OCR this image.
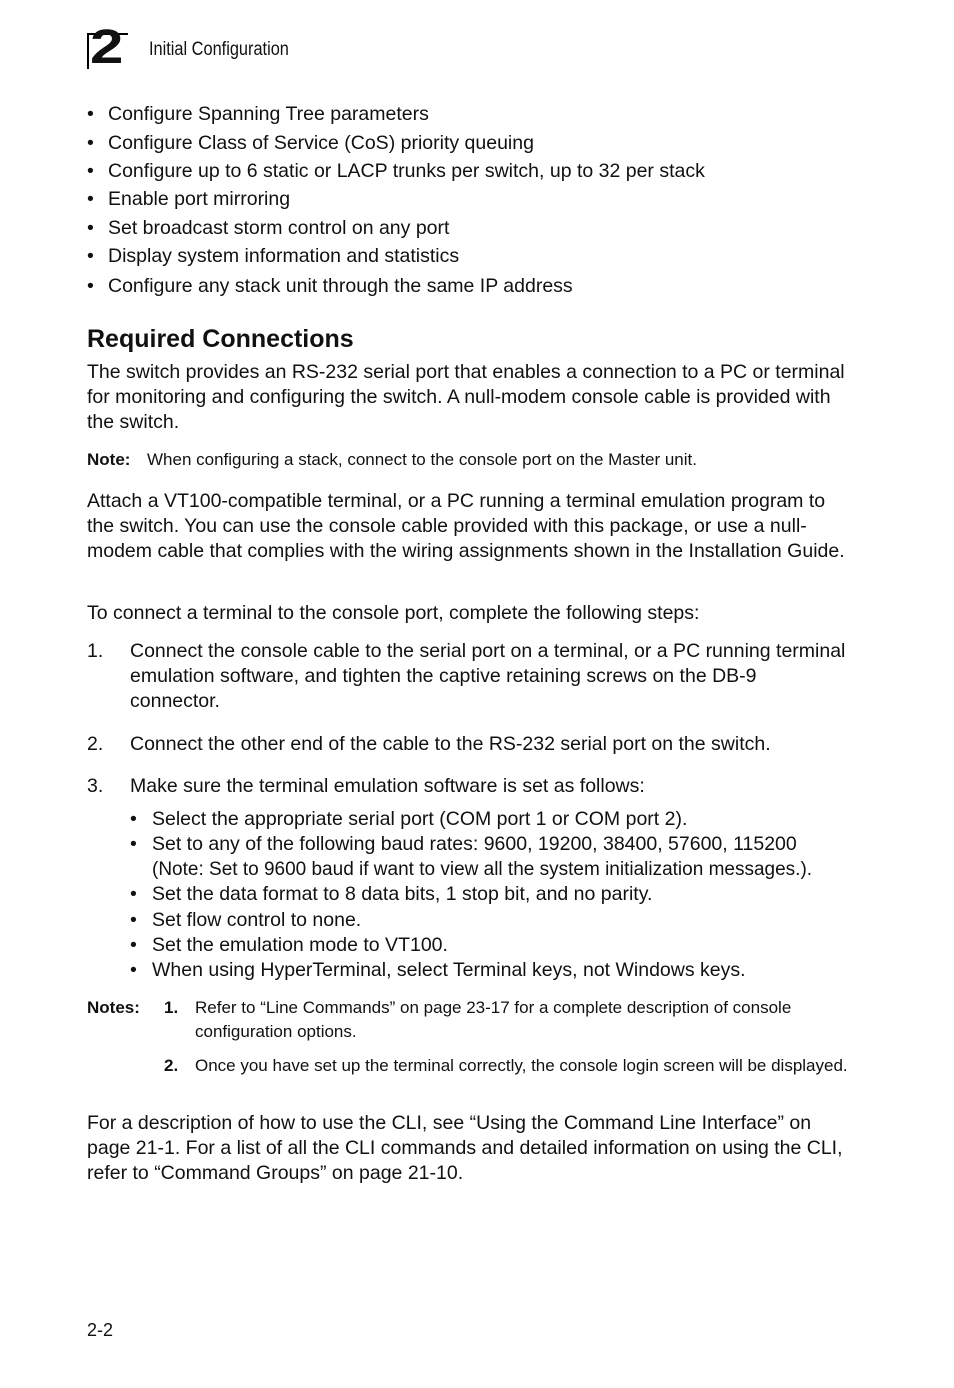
2 Initial Configuration
• Configure Spanning Tree parameters
• Configure Class of Service (CoS) priority queuing
• Configure up to 6 static or LACP trunks per switch, up to 32 per stack
• Enable port mirroring
• Set broadcast storm control on any port
• Display system information and statistics
• Configure any stack unit through the same IP address
Required Connections

The switch provides an RS-232 serial port that enables a connection to a PC or terminal for monitoring and configuring the switch. A null-modem console cable is provided with the switch.

Note: When configuring a stack, connect to the console port on the Master unit.

Attach a VT100-compatible terminal, or a PC running a terminal emulation program to the switch. You can use the console cable provided with this package, or use a null-modem cable that complies with the wiring assignments shown in the Installation Guide.

To connect a terminal to the console port, complete the following steps:

1. Connect the console cable to the serial port on a terminal, or a PC running terminal emulation software, and tighten the captive retaining screws on the DB-9 connector.
2. Connect the other end of the cable to the RS-232 serial port on the switch.
3. Make sure the terminal emulation software is set as follows:
• Select the appropriate serial port (COM port 1 or COM port 2).
• Set to any of the following baud rates: 9600, 19200, 38400, 57600, 115200
(Note: Set to 9600 baud if want to view all the system initialization messages.).
• Set the data format to 8 data bits, 1 stop bit, and no parity.
• Set flow control to none.
• Set the emulation mode to VT100.
• When using HyperTerminal, select Terminal keys, not Windows keys.
Notes: 1. Refer to “Line Commands” on page 23-17 for a complete description of console configuration options.
2. Once you have set up the terminal correctly, the console login screen will be displayed.

For a description of how to use the CLI, see “Using the Command Line Interface” on page 21-1. For a list of all the CLI commands and detailed information on using the CLI, refer to “Command Groups” on page 21-10.

2-2
